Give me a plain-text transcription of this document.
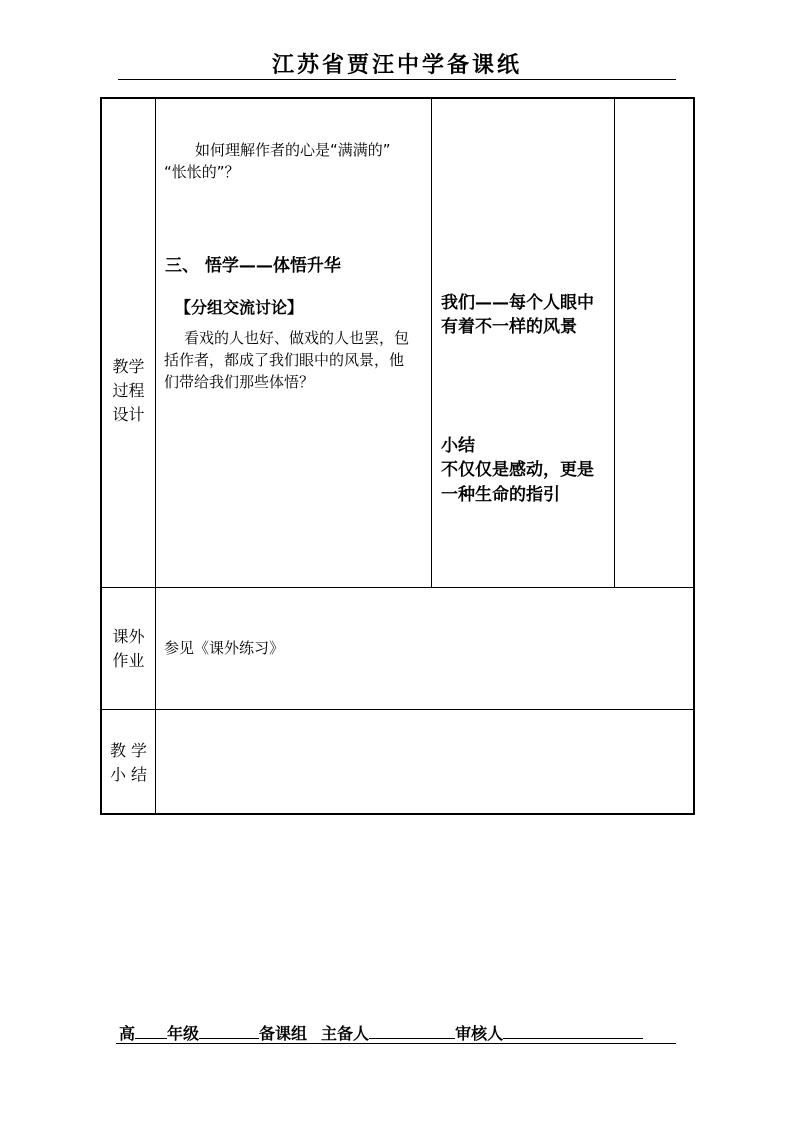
江苏省贾汪中学备课纸
教学
过程
设计
如何理解作者的心是“满满的”
“怅怅的”？
三、 悟学——体悟升华
【分组交流讨论】
看戏的人也好、做戏的人也罢，包
括作者，都成了我们眼中的风景，他
们带给我们那些体悟？
我们——每个人眼中
有着不一样的风景
小结
不仅仅是感动，更是
一种生命的指引
课外
作业
参见《课外练习》
教 学
小 结
高 年级	备课组 主备人	审核人
